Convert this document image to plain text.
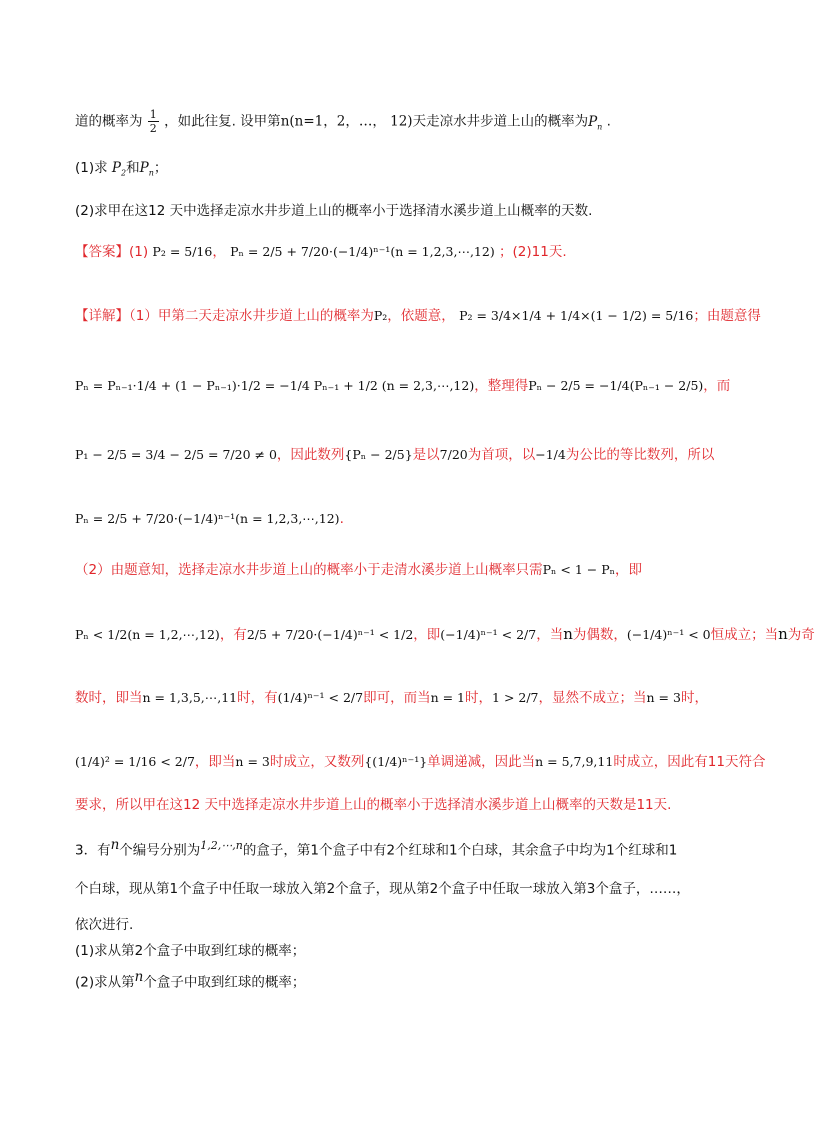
道的概率为 $\frac{1}{2}$ ，如此往复. 设甲第n(n=1，2，…， 12)天走凉水井步道上山的概率为$P_n$ .
(1)求 $P_2$和$P_n$；
(2)求甲在这12 天中选择走凉水井步道上山的概率小于选择清水溪步道上山概率的天数.
【答案】(1) P₂ = 5/16， Pₙ = 2/5 + 7/20·(−1/4)ⁿ⁻¹(n = 1,2,3,⋯,12) ；(2)11天.
【详解】（1）甲第二天走凉水井步道上山的概率为P₂，依题意， P₂ = 3/4×1/4 + 1/4×(1 − 1/2) = 5/16；由题意得
Pₙ = Pₙ₋₁·1/4 + (1 − Pₙ₋₁)·1/2 = −1/4 Pₙ₋₁ + 1/2 (n = 2,3,⋯,12)，整理得Pₙ − 2/5 = −1/4(Pₙ₋₁ − 2/5)，而
P₁ − 2/5 = 3/4 − 2/5 = 7/20 ≠ 0，因此数列{Pₙ − 2/5}是以7/20为首项，以−1/4为公比的等比数列，所以
Pₙ = 2/5 + 7/20·(−1/4)ⁿ⁻¹(n = 1,2,3,⋯,12).
（2）由题意知，选择走凉水井步道上山的概率小于走清水溪步道上山概率只需Pₙ < 1 − Pₙ，即
Pₙ < 1/2(n = 1,2,⋯,12)，有2/5 + 7/20·(−1/4)ⁿ⁻¹ < 1/2，即(−1/4)ⁿ⁻¹ < 2/7，当n为偶数，(−1/4)ⁿ⁻¹ < 0恒成立；当n为奇
数时，即当n = 1,3,5,⋯,11时，有(1/4)ⁿ⁻¹ < 2/7即可，而当n = 1时，1 > 2/7，显然不成立；当n = 3时，
(1/4)² = 1/16 < 2/7，即当n = 3时成立，又数列{(1/4)ⁿ⁻¹}单调递减，因此当n = 5,7,9,11时成立，因此有11天符合
要求，所以甲在这12 天中选择走凉水井步道上山的概率小于选择清水溪步道上山概率的天数是11天.
3．有n个编号分别为$^{1,2,\cdots,n}$的盒子，第1个盒子中有2个红球和1个白球，其余盒子中均为1个红球和1
个白球，现从第1个盒子中任取一球放入第2个盒子，现从第2个盒子中任取一球放入第3个盒子，……，
依次进行.
(1)求从第2个盒子中取到红球的概率；
(2)求从第n个盒子中取到红球的概率；
